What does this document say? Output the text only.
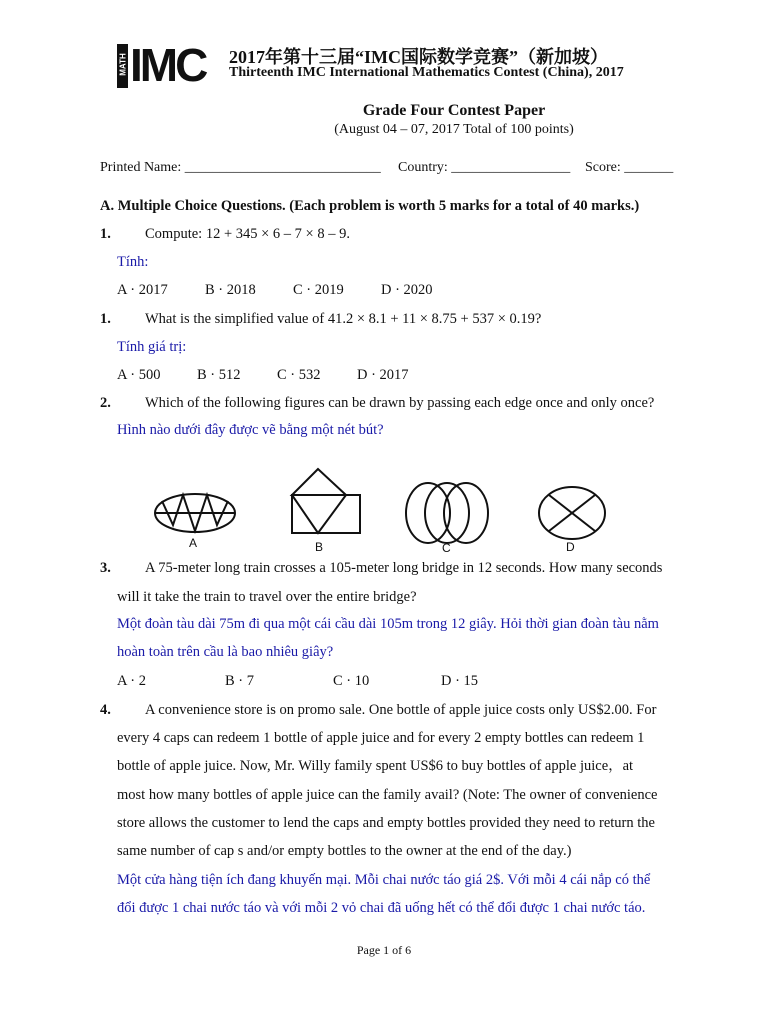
MATH IMC 2017年第十三届“IMC国际数学竞赛”（新加坡）
Thirteenth IMC International Mathematics Contest (China), 2017
Grade Four Contest Paper
(August 04 – 07, 2017 Total of 100 points)
Printed Name: ____________________________ Country: _________________ Score: _______
A. Multiple Choice Questions. (Each problem is worth 5 marks for a total of 40 marks.)
1. Compute: 12 + 345 × 6 – 7 × 8 – 9.
Tính:
A · 2017	B · 2018	C · 2019	D · 2020
1. What is the simplified value of 41.2 × 8.1 + 11 × 8.75 + 537 × 0.19?
Tính giá trị:
A · 500	B · 512	C · 532	D · 2017
2. Which of the following figures can be drawn by passing each edge once and only once?
Hình nào dưới đây được vẽ bằng một nét bút?
A	B	C	D
3. A 75-meter long train crosses a 105-meter long bridge in 12 seconds. How many seconds
will it take the train to travel over the entire bridge?
Một đoàn tàu dài 75m đi qua một cái cầu dài 105m trong 12 giây. Hỏi thời gian đoàn tàu nằm
hoàn toàn trên cầu là bao nhiêu giây?
A · 2	B · 7	C · 10	D · 15
4. A convenience store is on promo sale. One bottle of apple juice costs only US$2.00. For
every 4 caps can redeem 1 bottle of apple juice and for every 2 empty bottles can redeem 1
bottle of apple juice. Now, Mr. Willy family spent US$6 to buy bottles of apple juice，at
most how many bottles of apple juice can the family avail? (Note: The owner of convenience
store allows the customer to lend the caps and empty bottles provided they need to return the
same number of cap s and/or empty bottles to the owner at the end of the day.)
Một cửa hàng tiện ích đang khuyến mại. Mỗi chai nước táo giá 2$. Với mỗi 4 cái nắp có thể
đổi được 1 chai nước táo và với mỗi 2 vỏ chai đã uống hết có thể đổi được 1 chai nước táo.
Page 1 of 6
